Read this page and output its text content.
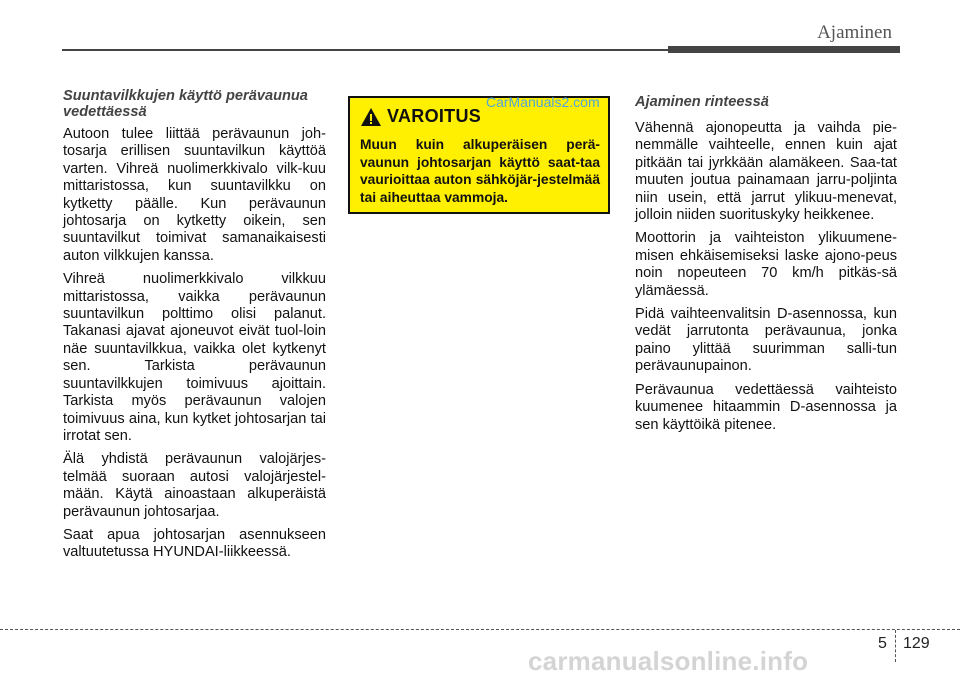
Ajaminen
Suuntavilkkujen käyttö perävaunua vedettäessä

Autoon tulee liittää perävaunun joh-tosarja erillisen suuntavilkun käyttöä varten. Vihreä nuolimerkkivalo vilk-kuu mittaristossa, kun suuntavilkku on kytketty päälle. Kun perävaunun johtosarja on kytketty oikein, sen suuntavilkut toimivat samanaikaisesti auton vilkkujen kanssa.

Vihreä nuolimerkkivalo vilkkuu mittaristossa, vaikka perävaunun suuntavilkun polttimo olisi palanut. Takanasi ajavat ajoneuvot eivät tuol-loin näe suuntavilkkua, vaikka olet kytkenyt sen. Tarkista perävaunun suuntavilkkujen toimivuus ajoittain. Tarkista myös perävaunun valojen toimivuus aina, kun kytket johtosarjan tai irrotat sen.

Älä yhdistä perävaunun valojärjes-telmää suoraan autosi valojärjestel-mään. Käytä ainoastaan alkuperäistä perävaunun johtosarjaa.

Saat apua johtosarjan asennukseen valtuutetussa HYUNDAI-liikkeessä.

VAROITUS

Muun kuin alkuperäisen perä-vaunun johtosarjan käyttö saat-taa vaurioittaa auton sähköjär-jestelmää tai aiheuttaa vammoja.

CarManuals2.com Ajaminen rinteessä

Vähennä ajonopeutta ja vaihda pie-nemmälle vaihteelle, ennen kuin ajat pitkään tai jyrkkään alamäkeen. Saa-tat muuten joutua painamaan jarru-poljinta niin usein, että jarrut ylikuu-menevat, jolloin niiden suorituskyky heikkenee.

Moottorin ja vaihteiston ylikuumene-misen ehkäisemiseksi laske ajono-peus noin nopeuteen 70 km/h pitkäs-sä ylämäessä.

Pidä vaihteenvalitsin D-asennossa, kun vedät jarrutonta perävaunua, jonka paino ylittää suurimman salli-tun perävaunupainon.

Perävaunua vedettäessä vaihteisto kuumenee hitaammin D-asennossa ja sen käyttöikä pitenee.

5 129
carmanualsonline.info
